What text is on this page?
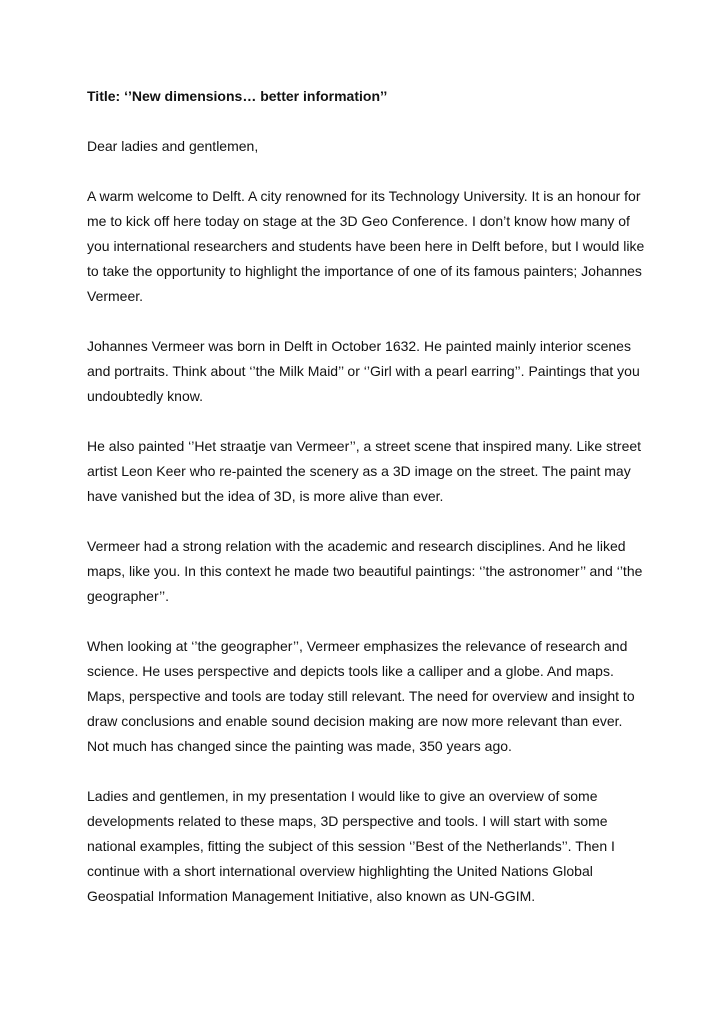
Title: ‘’New dimensions… better information’’

Dear ladies and gentlemen,

A warm welcome to Delft. A city renowned for its Technology University. It is an honour for me to kick off here today on stage at the 3D Geo Conference. I don’t know how many of you international researchers and students have been here in Delft before, but I would like to take the opportunity to highlight the importance of one of its famous painters; Johannes Vermeer.

Johannes Vermeer was born in Delft in October 1632. He painted mainly interior scenes and portraits. Think about ‘’the Milk Maid’’ or ‘’Girl with a pearl earring’’. Paintings that you undoubtedly know.

He also painted ‘’Het straatje van Vermeer’’, a street scene that inspired many. Like street artist Leon Keer who re-painted the scenery as a 3D image on the street. The paint may have vanished but the idea of 3D, is more alive than ever.

Vermeer had a strong relation with the academic and research disciplines. And he liked maps, like you. In this context he made two beautiful paintings: ‘’the astronomer’’ and ‘’the geographer’’.

When looking at ‘’the geographer’’, Vermeer emphasizes the relevance of research and science. He uses perspective and depicts tools like a calliper and a globe. And maps. Maps, perspective and tools are today still relevant. The need for overview and insight to draw conclusions and enable sound decision making are now more relevant than ever. Not much has changed since the painting was made, 350 years ago.

Ladies and gentlemen, in my presentation I would like to give an overview of some developments related to these maps, 3D perspective and tools. I will start with some national examples, fitting the subject of this session ‘’Best of the Netherlands’’. Then I continue with a short international overview highlighting the United Nations Global Geospatial Information Management Initiative, also known as UN-GGIM.
